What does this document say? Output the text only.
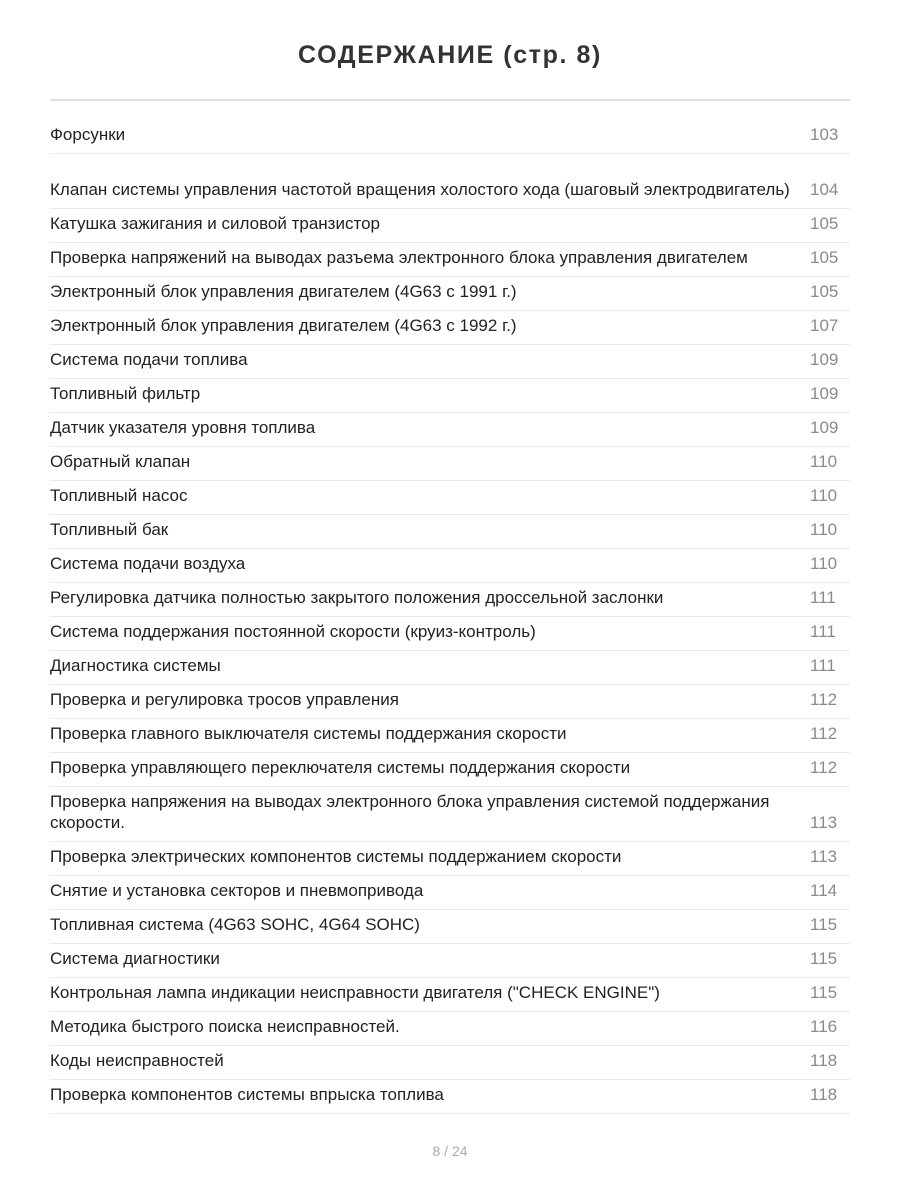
СОДЕРЖАНИЕ (стр. 8)
Форсунки	103
Клапан системы управления частотой вращения холостого хода (шаговый электродвигатель) 104
Катушка зажигания и силовой транзистор	105
Проверка напряжений на выводах разъема электронного блока управления двигателем	105
Электронный блок управления двигателем (4G63 с 1991 г.)	105
Электронный блок управления двигателем (4G63 с 1992 г.)	107
Система подачи топлива	109
Топливный фильтр	109
Датчик указателя уровня топлива	109
Обратный клапан	110
Топливный насос	110
Топливный бак	110
Система подачи воздуха	110
Регулировка датчика полностью закрытого положения дроссельной заслонки	111
Система поддержания постоянной скорости (круиз-контроль)	111
Диагностика системы	111
Проверка и регулировка тросов управления	112
Проверка главного выключателя системы поддержания скорости	112
Проверка управляющего переключателя системы поддержания скорости	112
Проверка напряжения на выводах электронного блока управления системой поддержания скорости.	113
Проверка электрических компонентов системы поддержанием скорости	113
Снятие и установка секторов и пневмопривода	114
Топливная система (4G63 SOHC, 4G64 SOHC)	115
Система диагностики	115
Контрольная лампа индикации неисправности двигателя ("CHECK ENGINE")	115
Методика быстрого поиска неисправностей.	116
Коды неисправностей	118
Проверка компонентов системы впрыска топлива	118
8 / 24
